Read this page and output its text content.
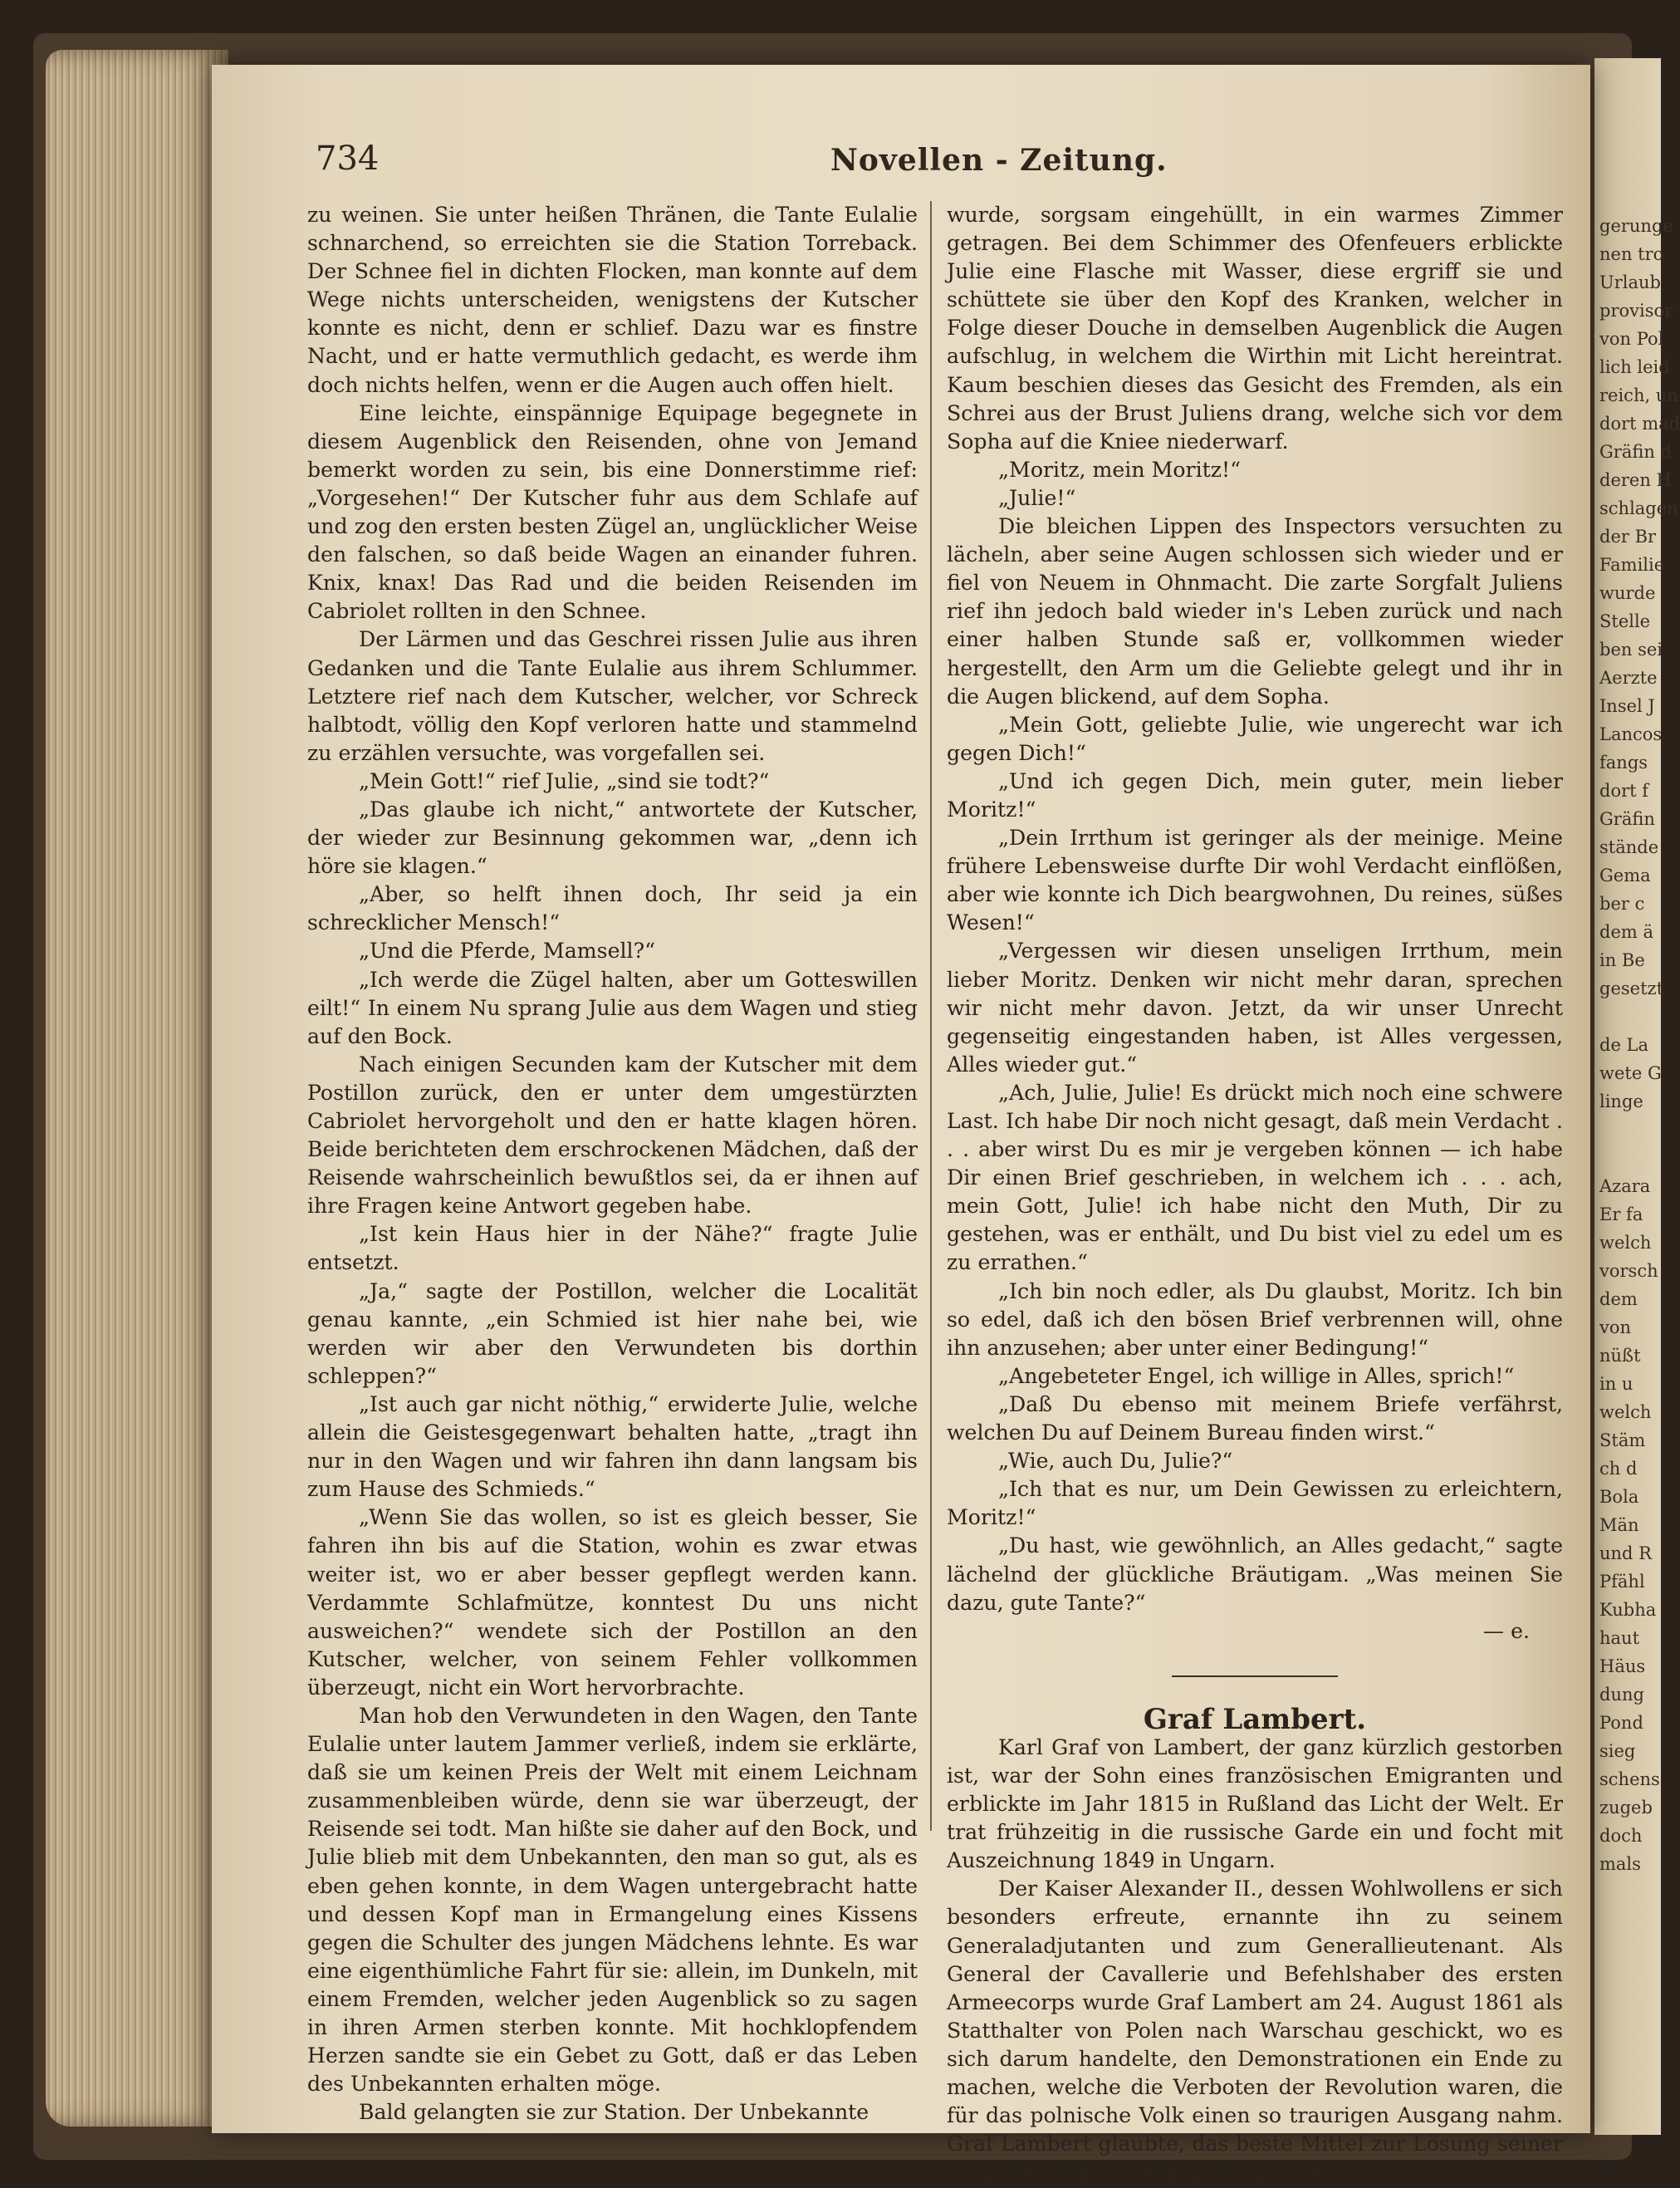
gerunge
nen tro
Urlaub
provisor
von Pol
lich leid
reich, un
dort mad
Gräfin d
deren H
schlagen
der Br
Familie
wurde
Stelle
ben sei
Aerzte
Insel J
Lancos
fangs
dort f
Gräfin
stände
Gema
ber c
dem ä
in Be
gesetzt
de La
wete G
linge
Azara
Er fa
welch
vorsch
dem
von
nüßt
in u
welch
Stäm
ch d
Bola
Män
und R
Pfähl
Kubha
haut
Häus
dung
Pond
sieg
schens
zugeb
doch
mals
734	Novellen - Zeitung.

zu weinen. Sie unter heißen Thränen, die Tante Eulalie schnarchend, so erreichten sie die Station Torreback. Der Schnee fiel in dichten Flocken, man konnte auf dem Wege nichts unterscheiden, wenigstens der Kutscher konnte es nicht, denn er schlief. Dazu war es finstre Nacht, und er hatte vermuthlich gedacht, es werde ihm doch nichts helfen, wenn er die Augen auch offen hielt.

Eine leichte, einspännige Equipage begegnete in diesem Augenblick den Reisenden, ohne von Jemand bemerkt worden zu sein, bis eine Donnerstimme rief: „Vorgesehen!“ Der Kutscher fuhr aus dem Schlafe auf und zog den ersten besten Zügel an, unglücklicher Weise den falschen, so daß beide Wagen an einander fuhren. Knix, knax! Das Rad und die beiden Reisenden im Cabriolet rollten in den Schnee.

Der Lärmen und das Geschrei rissen Julie aus ihren Gedanken und die Tante Eulalie aus ihrem Schlummer. Letztere rief nach dem Kutscher, welcher, vor Schreck halbtodt, völlig den Kopf verloren hatte und stammelnd zu erzählen versuchte, was vorgefallen sei.

„Mein Gott!“ rief Julie, „sind sie todt?“

„Das glaube ich nicht,“ antwortete der Kutscher, der wieder zur Besinnung gekommen war, „denn ich höre sie klagen.“

„Aber, so helft ihnen doch, Ihr seid ja ein schrecklicher Mensch!“

„Und die Pferde, Mamsell?“

„Ich werde die Zügel halten, aber um Gotteswillen eilt!“ In einem Nu sprang Julie aus dem Wagen und stieg auf den Bock.

Nach einigen Secunden kam der Kutscher mit dem Postillon zurück, den er unter dem umgestürzten Cabriolet hervorgeholt und den er hatte klagen hören. Beide berichteten dem erschrockenen Mädchen, daß der Reisende wahrscheinlich bewußtlos sei, da er ihnen auf ihre Fragen keine Antwort gegeben habe.

„Ist kein Haus hier in der Nähe?“ fragte Julie entsetzt.

„Ja,“ sagte der Postillon, welcher die Localität genau kannte, „ein Schmied ist hier nahe bei, wie werden wir aber den Verwundeten bis dorthin schleppen?“

„Ist auch gar nicht nöthig,“ erwiderte Julie, welche allein die Geistesgegenwart behalten hatte, „tragt ihn nur in den Wagen und wir fahren ihn dann langsam bis zum Hause des Schmieds.“

„Wenn Sie das wollen, so ist es gleich besser, Sie fahren ihn bis auf die Station, wohin es zwar etwas weiter ist, wo er aber besser gepflegt werden kann. Verdammte Schlafmütze, konntest Du uns nicht ausweichen?“ wendete sich der Postillon an den Kutscher, welcher, von seinem Fehler vollkommen überzeugt, nicht ein Wort hervorbrachte.

Man hob den Verwundeten in den Wagen, den Tante Eulalie unter lautem Jammer verließ, indem sie erklärte, daß sie um keinen Preis der Welt mit einem Leichnam zusammenbleiben würde, denn sie war überzeugt, der Reisende sei todt. Man hißte sie daher auf den Bock, und Julie blieb mit dem Unbekannten, den man so gut, als es eben gehen konnte, in dem Wagen untergebracht hatte und dessen Kopf man in Ermangelung eines Kissens gegen die Schulter des jungen Mädchens lehnte. Es war eine eigenthümliche Fahrt für sie: allein, im Dunkeln, mit einem Fremden, welcher jeden Augenblick so zu sagen in ihren Armen sterben konnte. Mit hochklopfendem Herzen sandte sie ein Gebet zu Gott, daß er das Leben des Unbekannten erhalten möge.

Bald gelangten sie zur Station. Der Unbekannte

wurde, sorgsam eingehüllt, in ein warmes Zimmer getragen. Bei dem Schimmer des Ofenfeuers erblickte Julie eine Flasche mit Wasser, diese ergriff sie und schüttete sie über den Kopf des Kranken, welcher in Folge dieser Douche in demselben Augenblick die Augen aufschlug, in welchem die Wirthin mit Licht hereintrat. Kaum beschien dieses das Gesicht des Fremden, als ein Schrei aus der Brust Juliens drang, welche sich vor dem Sopha auf die Kniee niederwarf.

„Moritz, mein Moritz!“

„Julie!“

Die bleichen Lippen des Inspectors versuchten zu lächeln, aber seine Augen schlossen sich wieder und er fiel von Neuem in Ohnmacht. Die zarte Sorgfalt Juliens rief ihn jedoch bald wieder in's Leben zurück und nach einer halben Stunde saß er, vollkommen wieder hergestellt, den Arm um die Geliebte gelegt und ihr in die Augen blickend, auf dem Sopha.

„Mein Gott, geliebte Julie, wie ungerecht war ich gegen Dich!“

„Und ich gegen Dich, mein guter, mein lieber Moritz!“

„Dein Irrthum ist geringer als der meinige. Meine frühere Lebensweise durfte Dir wohl Verdacht einflößen, aber wie konnte ich Dich beargwohnen, Du reines, süßes Wesen!“

„Vergessen wir diesen unseligen Irrthum, mein lieber Moritz. Denken wir nicht mehr daran, sprechen wir nicht mehr davon. Jetzt, da wir unser Unrecht gegenseitig eingestanden haben, ist Alles vergessen, Alles wieder gut.“

„Ach, Julie, Julie! Es drückt mich noch eine schwere Last. Ich habe Dir noch nicht gesagt, daß mein Verdacht . . . aber wirst Du es mir je vergeben können — ich habe Dir einen Brief geschrieben, in welchem ich . . . ach, mein Gott, Julie! ich habe nicht den Muth, Dir zu gestehen, was er enthält, und Du bist viel zu edel um es zu errathen.“

„Ich bin noch edler, als Du glaubst, Moritz. Ich bin so edel, daß ich den bösen Brief verbrennen will, ohne ihn anzusehen; aber unter einer Bedingung!“

„Angebeteter Engel, ich willige in Alles, sprich!“

„Daß Du ebenso mit meinem Briefe verfährst, welchen Du auf Deinem Bureau finden wirst.“

„Wie, auch Du, Julie?“

„Ich that es nur, um Dein Gewissen zu erleichtern, Moritz!“

„Du hast, wie gewöhnlich, an Alles gedacht,“ sagte lächelnd der glückliche Bräutigam. „Was meinen Sie dazu, gute Tante?“

— e.

Graf Lambert.

Karl Graf von Lambert, der ganz kürzlich gestorben ist, war der Sohn eines französischen Emigranten und erblickte im Jahr 1815 in Rußland das Licht der Welt. Er trat frühzeitig in die russische Garde ein und focht mit Auszeichnung 1849 in Ungarn.

Der Kaiser Alexander II., dessen Wohlwollens er sich besonders erfreute, ernannte ihn zu seinem Generaladjutanten und zum Generallieutenant. Als General der Cavallerie und Befehlshaber des ersten Armeecorps wurde Graf Lambert am 24. August 1861 als Statthalter von Polen nach Warschau geschickt, wo es sich darum handelte, den Demonstrationen ein Ende zu machen, welche die Verboten der Revolution waren, die für das polnische Volk einen so traurigen Ausgang nahm. Graf Lambert glaubte, das beste Mittel zur Lösung seiner Aufgabe sei die Verhängung des Bela
